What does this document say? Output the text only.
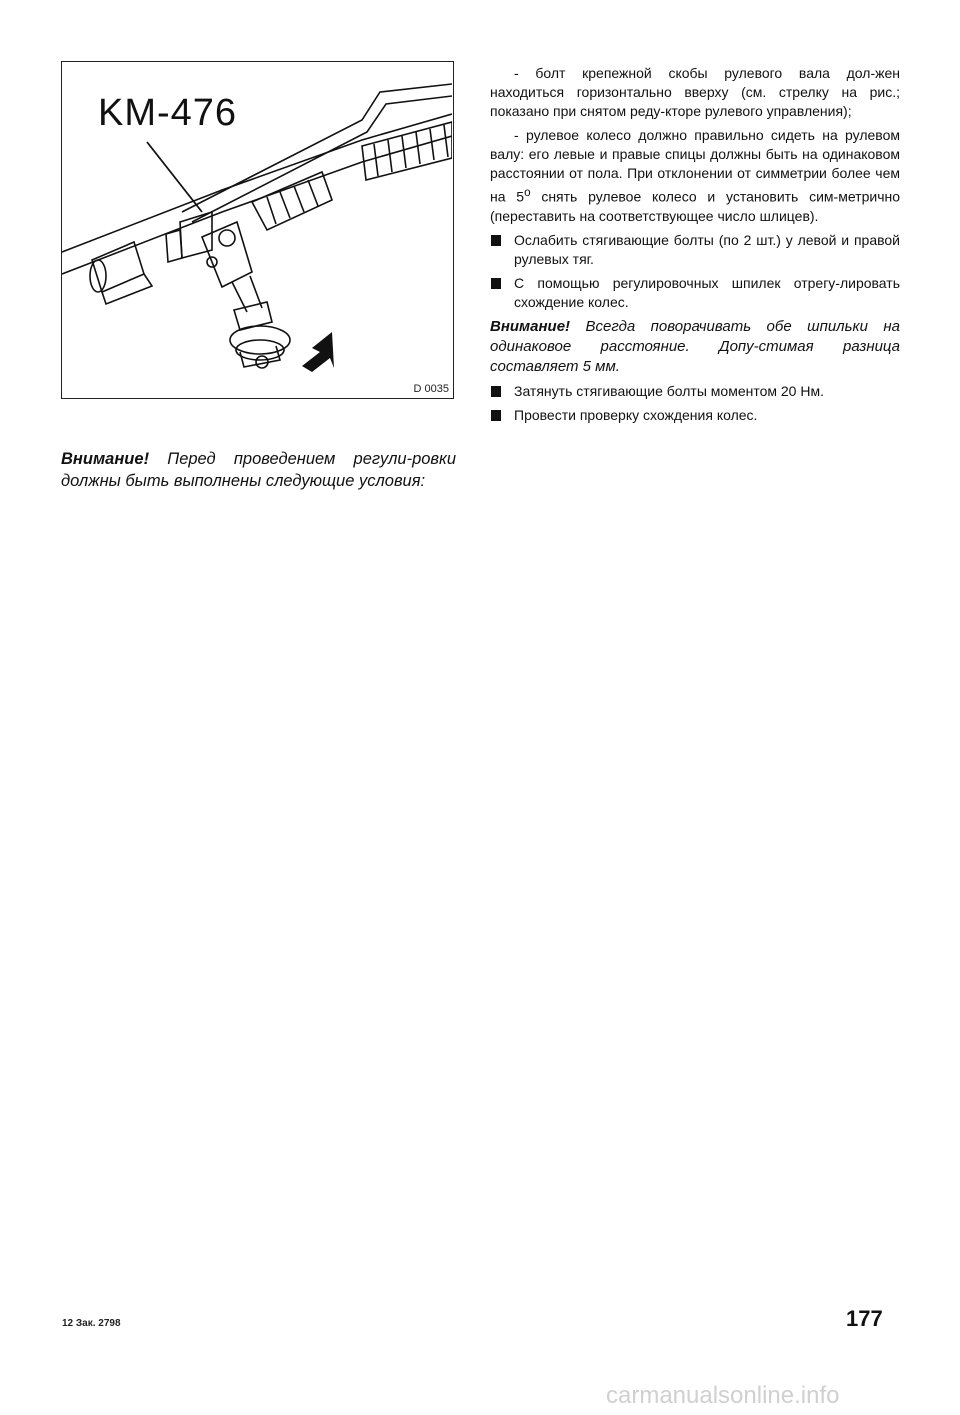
KM-476
D 0035
Внимание! Перед проведением регули-ровки должны быть выполнены следующие условия:

- болт крепежной скобы рулевого вала дол-жен находиться горизонтально вверху (см. стрелку на рис.; показано при снятом реду-кторе рулевого управления);

- рулевое колесо должно правильно сидеть на рулевом валу: его левые и правые спицы должны быть на одинаковом расстоянии от пола. При отклонении от симметрии более чем на 5$^o$ снять рулевое колесо и установить сим-метрично (переставить на соответствующее число шлицев).

Ослабить стягивающие болты (по 2 шт.) у левой и правой рулевых тяг.
С помощью регулировочных шпилек отрегу-лировать схождение колес.

Внимание! Всегда поворачивать обе шпильки на одинаковое расстояние. Допу-стимая разница составляет 5 мм.

Затянуть стягивающие болты моментом 20 Нм.
Провести проверку схождения колес.
12 Зак. 2798	177
carmanualsonline.info
